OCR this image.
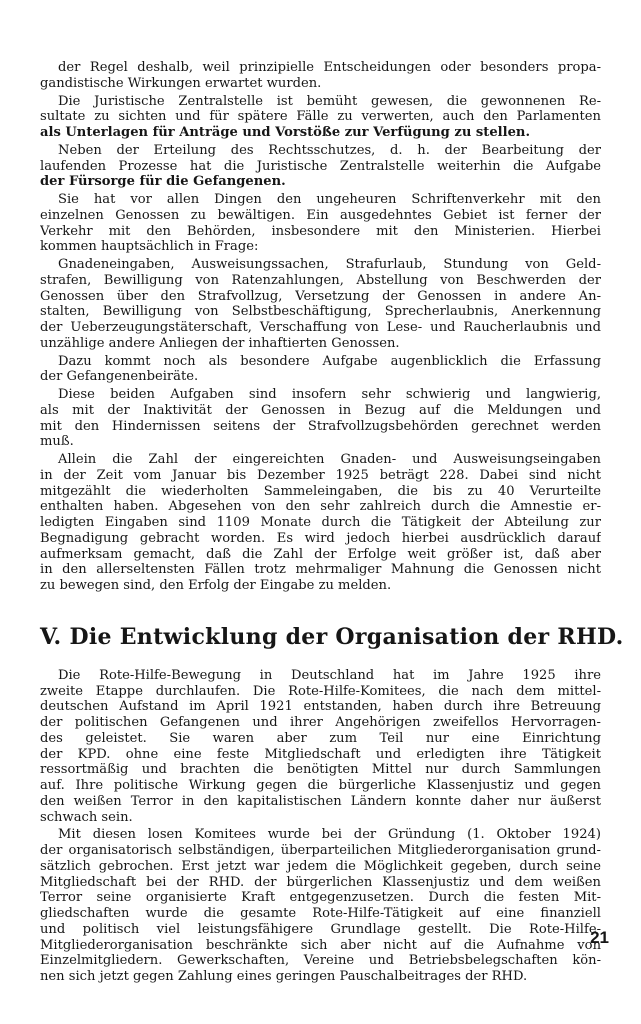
der Regel deshalb, weil prinzipielle Entscheidungen oder besonders propa-
gandistische Wirkungen erwartet wurden.
Die Juristische Zentralstelle ist bemüht gewesen, die gewonnenen Re-
sultate zu sichten und für spätere Fälle zu verwerten, auch den Parlamenten
als Unterlagen für Anträge und Vorstöße zur Verfügung zu stellen.
Neben der Erteilung des Rechtsschutzes, d. h. der Bearbeitung der
laufenden Prozesse hat die Juristische Zentralstelle weiterhin die Aufgabe
der Fürsorge für die Gefangenen.
Sie hat vor allen Dingen den ungeheuren Schriftenverkehr mit den
einzelnen Genossen zu bewältigen. Ein ausgedehntes Gebiet ist ferner der
Verkehr mit den Behörden, insbesondere mit den Ministerien. Hierbei
kommen hauptsächlich in Frage:
Gnadeneingaben, Ausweisungssachen, Strafurlaub, Stundung von Geld-
strafen, Bewilligung von Ratenzahlungen, Abstellung von Beschwerden der
Genossen über den Strafvollzug, Versetzung der Genossen in andere An-
stalten, Bewilligung von Selbstbeschäftigung, Sprecherlaubnis, Anerkennung
der Ueberzeugungstäterschaft, Verschaffung von Lese- und Raucherlaubnis und
unzählige andere Anliegen der inhaftierten Genossen.
Dazu kommt noch als besondere Aufgabe augenblicklich die Erfassung
der Gefangenenbeiräte.
Diese beiden Aufgaben sind insofern sehr schwierig und langwierig,
als mit der Inaktivität der Genossen in Bezug auf die Meldungen und
mit den Hindernissen seitens der Strafvollzugsbehörden gerechnet werden
muß.
Allein die Zahl der eingereichten Gnaden- und Ausweisungseingaben
in der Zeit vom Januar bis Dezember 1925 beträgt 228. Dabei sind nicht
mitgezählt die wiederholten Sammeleingaben, die bis zu 40 Verurteilte
enthalten haben. Abgesehen von den sehr zahlreich durch die Amnestie er-
ledigten Eingaben sind 1109 Monate durch die Tätigkeit der Abteilung zur
Begnadigung gebracht worden. Es wird jedoch hierbei ausdrücklich darauf
aufmerksam gemacht, daß die Zahl der Erfolge weit größer ist, daß aber
in den allerseltensten Fällen trotz mehrmaliger Mahnung die Genossen nicht
zu bewegen sind, den Erfolg der Eingabe zu melden.
V. Die Entwicklung der Organisation der RHD.
Die Rote-Hilfe-Bewegung in Deutschland hat im Jahre 1925 ihre
zweite Etappe durchlaufen. Die Rote-Hilfe-Komitees, die nach dem mittel-
deutschen Aufstand im April 1921 entstanden, haben durch ihre Betreuung
der politischen Gefangenen und ihrer Angehörigen zweifellos Hervorragen-
des geleistet. Sie waren aber zum Teil nur eine Einrichtung
der KPD. ohne eine feste Mitgliedschaft und erledigten ihre Tätigkeit
ressortmäßig und brachten die benötigten Mittel nur durch Sammlungen
auf. Ihre politische Wirkung gegen die bürgerliche Klassenjustiz und gegen
den weißen Terror in den kapitalistischen Ländern konnte daher nur äußerst
schwach sein.
Mit diesen losen Komitees wurde bei der Gründung (1. Oktober 1924)
der organisatorisch selbständigen, überparteilichen Mitgliederorganisation grund-
sätzlich gebrochen. Erst jetzt war jedem die Möglichkeit gegeben, durch seine
Mitgliedschaft bei der RHD. der bürgerlichen Klassenjustiz und dem weißen
Terror seine organisierte Kraft entgegenzusetzen. Durch die festen Mit-
gliedschaften wurde die gesamte Rote-Hilfe-Tätigkeit auf eine finanziell
und politisch viel leistungsfähigere Grundlage gestellt. Die Rote-Hilfe-
Mitgliederorganisation beschränkte sich aber nicht auf die Aufnahme von
Einzelmitgliedern. Gewerkschaften, Vereine und Betriebsbelegschaften kön-
nen sich jetzt gegen Zahlung eines geringen Pauschalbeitrages der RHD.
21
